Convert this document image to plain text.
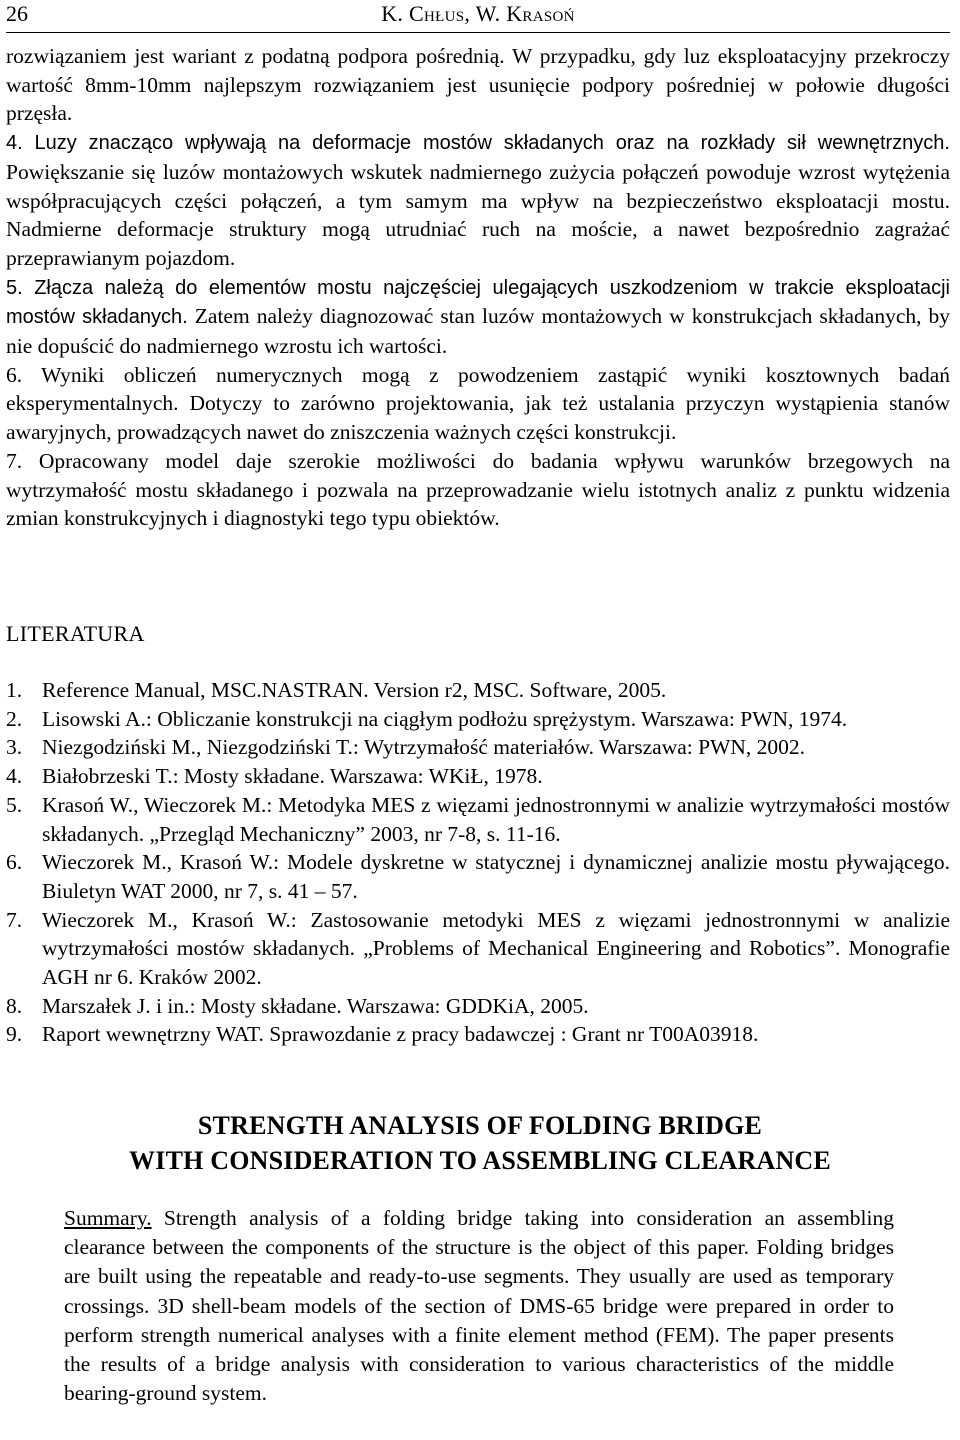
26	K. Chłus, W. Krasoń

rozwiązaniem jest wariant z podatną podpora pośrednią. W przypadku, gdy luz eksploatacyjny przekroczy wartość 8mm-10mm najlepszym rozwiązaniem jest usunięcie podpory pośredniej w połowie długości przęsła.

4. Luzy znacząco wpływają na deformacje mostów składanych oraz na rozkłady sił wewnętrznych. Powiększanie się luzów montażowych wskutek nadmiernego zużycia połączeń powoduje wzrost wytężenia współpracujących części połączeń, a tym samym ma wpływ na bezpieczeństwo eksploatacji mostu. Nadmierne deformacje struktury mogą utrudniać ruch na moście, a nawet bezpośrednio zagrażać przeprawianym pojazdom.

5. Złącza należą do elementów mostu najczęściej ulegających uszkodzeniom w trakcie eksploatacji mostów składanych. Zatem należy diagnozować stan luzów montażowych w konstrukcjach składanych, by nie dopuścić do nadmiernego wzrostu ich wartości.

6. Wyniki obliczeń numerycznych mogą z powodzeniem zastąpić wyniki kosztownych badań eksperymentalnych. Dotyczy to zarówno projektowania, jak też ustalania przyczyn wystąpienia stanów awaryjnych, prowadzących nawet do zniszczenia ważnych części konstrukcji.

7. Opracowany model daje szerokie możliwości do badania wpływu warunków brzegowych na wytrzymałość mostu składanego i pozwala na przeprowadzanie wielu istotnych analiz z punktu widzenia zmian konstrukcyjnych i diagnostyki tego typu obiektów.

LITERATURA
1. Reference Manual, MSC.NASTRAN. Version r2, MSC. Software, 2005.
2. Lisowski A.: Obliczanie konstrukcji na ciągłym podłożu sprężystym. Warszawa: PWN, 1974.
3. Niezgodziński M., Niezgodziński T.: Wytrzymałość materiałów. Warszawa: PWN, 2002.
4. Białobrzeski T.: Mosty składane. Warszawa: WKiŁ, 1978.
5. Krasoń W., Wieczorek M.: Metodyka MES z więzami jednostronnymi w analizie wytrzymałości mostów składanych. „Przegląd Mechaniczny” 2003, nr 7-8, s. 11-16.
6. Wieczorek M., Krasoń W.: Modele dyskretne w statycznej i dynamicznej analizie mostu pływającego. Biuletyn WAT 2000, nr 7, s. 41 – 57.
7. Wieczorek M., Krasoń W.: Zastosowanie metodyki MES z więzami jednostronnymi w analizie wytrzymałości mostów składanych. „Problems of Mechanical Engineering and Robotics”. Monografie AGH nr 6. Kraków 2002.
8. Marszałek J. i in.: Mosty składane. Warszawa: GDDKiA, 2005.
9. Raport wewnętrzny WAT. Sprawozdanie z pracy badawczej : Grant nr T00A03918.
STRENGTH ANALYSIS OF FOLDING BRIDGE
WITH CONSIDERATION TO ASSEMBLING CLEARANCE
Summary. Strength analysis of a folding bridge taking into consideration an assembling clearance between the components of the structure is the object of this paper. Folding bridges are built using the repeatable and ready-to-use segments. They usually are used as temporary crossings. 3D shell-beam models of the section of DMS-65 bridge were prepared in order to perform strength numerical analyses with a finite element method (FEM). The paper presents the results of a bridge analysis with consideration to various characteristics of the middle bearing-ground system.
